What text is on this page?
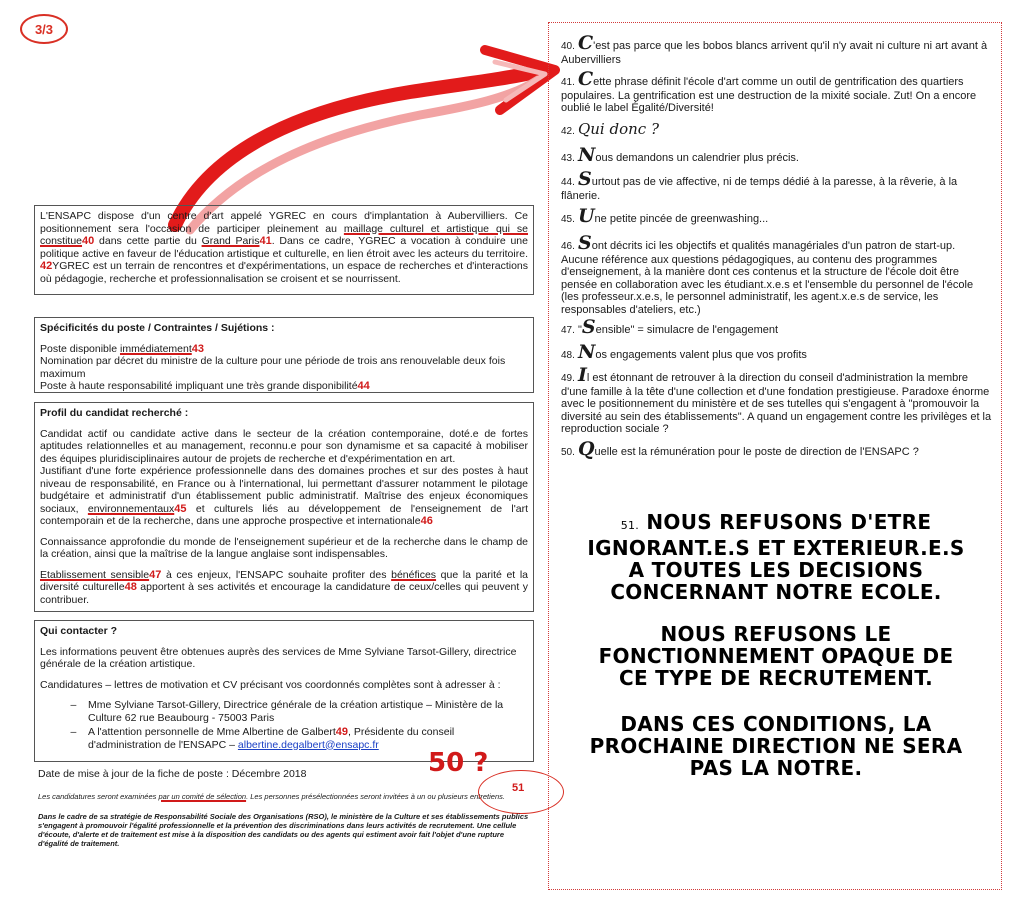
3/3

L'ENSAPC dispose d'un centre d'art appelé YGREC en cours d'implantation à Aubervilliers. Ce positionnement sera l'occasion de participer pleinement au maillage culturel et artistique qui se constitue40 dans cette partie du Grand Paris41. Dans ce cadre, YGREC a vocation à conduire une politique active en faveur de l'éducation artistique et culturelle, en lien étroit avec les acteurs du territoire. 42YGREC est un terrain de rencontres et d'expérimentations, un espace de recherches et d'interactions où pédagogie, recherche et professionnalisation se croisent et se nourrissent.

Spécificités du poste / Contraintes / Sujétions :

Poste disponible immédiatement43

Nomination par décret du ministre de la culture pour une période de trois ans renouvelable deux fois maximum

Poste à haute responsabilité impliquant une très grande disponibilité44

Profil du candidat recherché :

Candidat actif ou candidate active dans le secteur de la création contemporaine, doté.e de fortes aptitudes relationnelles et au management, reconnu.e pour son dynamisme et sa capacité à mobiliser des équipes pluridisciplinaires autour de projets de recherche et d'expérimentation en art.

Justifiant d'une forte expérience professionnelle dans des domaines proches et sur des postes à haut niveau de responsabilité, en France ou à l'international, lui permettant d'assurer notamment le pilotage budgétaire et administratif d'un établissement public administratif. Maîtrise des enjeux économiques sociaux, environnementaux45 et culturels liés au développement de l'enseignement de l'art contemporain et de la recherche, dans une approche prospective et internationale46

Connaissance approfondie du monde de l'enseignement supérieur et de la recherche dans le champ de la création, ainsi que la maîtrise de la langue anglaise sont indispensables.

Etablissement sensible47 à ces enjeux, l'ENSAPC souhaite profiter des bénéfices que la parité et la diversité culturelle48 apportent à ses activités et encourage la candidature de ceux/celles qui peuvent y contribuer.

Qui contacter ?

Les informations peuvent être obtenues auprès des services de Mme Sylviane Tarsot-Gillery, directrice générale de la création artistique.

Candidatures – lettres de motivation et CV précisant vos coordonnés complètes sont à adresser à :

– Mme Sylviane Tarsot-Gillery, Directrice générale de la création artistique – Ministère de la Culture 62 rue Beaubourg - 75003 Paris
– A l'attention personnelle de Mme Albertine de Galbert49, Présidente du conseil d'administration de l'ENSAPC – albertine.degalbert@ensapc.fr
Date de mise à jour de la fiche de poste : Décembre 2018	50 ?
Les candidatures seront examinées par un comité de sélection. Les personnes présélectionnées seront invitées à un ou plusieurs entretiens.
51
Dans le cadre de sa stratégie de Responsabilité Sociale des Organisations (RSO), le ministère de la Culture et ses établissements publics s'engagent à promouvoir l'égalité professionnelle et la prévention des discriminations dans leurs activités de recrutement. Une cellule d'écoute, d'alerte et de traitement est mise à la disposition des candidats ou des agents qui estiment avoir fait l'objet d'une rupture d'égalité de traitement.

40. C'est pas parce que les bobos blancs arrivent qu'il n'y avait ni culture ni art avant à Aubervilliers

41. Cette phrase définit l'école d'art comme un outil de gentrification des quartiers populaires. La gentrification est une destruction de la mixité sociale. Zut! On a encore oublié le label Égalité/Diversité!

42. Qui donc ?

43. Nous demandons un calendrier plus précis.

44. Surtout pas de vie affective, ni de temps dédié à la paresse, à la rêverie, à la flânerie.

45. Une petite pincée de greenwashing...

46. Sont décrits ici les objectifs et qualités managériales d'un patron de start-up. Aucune référence aux questions pédagogiques, au contenu des programmes d'enseignement, à la manière dont ces contenus et la structure de l'école doit être pensée en collaboration avec les étudiant.x.e.s et l'ensemble du personnel de l'école (les professeur.x.e.s, le personnel administratif, les agent.x.e.s de service, les responsables d'ateliers, etc.)

47. "Sensible" = simulacre de l'engagement

48. Nos engagements valent plus que vos profits

49. Il est étonnant de retrouver à la direction du conseil d'administration la membre d'une famille à la tête d'une collection et d'une fondation prestigieuse. Paradoxe énorme avec le positionnement du ministère et de ses tutelles qui s'engagent à "promouvoir la diversité au sein des établissements". A quand un engagement contre les privilèges et la reproduction sociale ?

50. Quelle est la rémunération pour le poste de direction de l'ENSAPC ?

51. NOUS REFUSONS D'ETRE
IGNORANT.E.S ET EXTERIEUR.E.S
A TOUTES LES DECISIONS
CONCERNANT NOTRE ECOLE.
NOUS REFUSONS LE
FONCTIONNEMENT OPAQUE DE
CE TYPE DE RECRUTEMENT.
DANS CES CONDITIONS, LA
PROCHAINE DIRECTION NE SERA
PAS LA NOTRE.
